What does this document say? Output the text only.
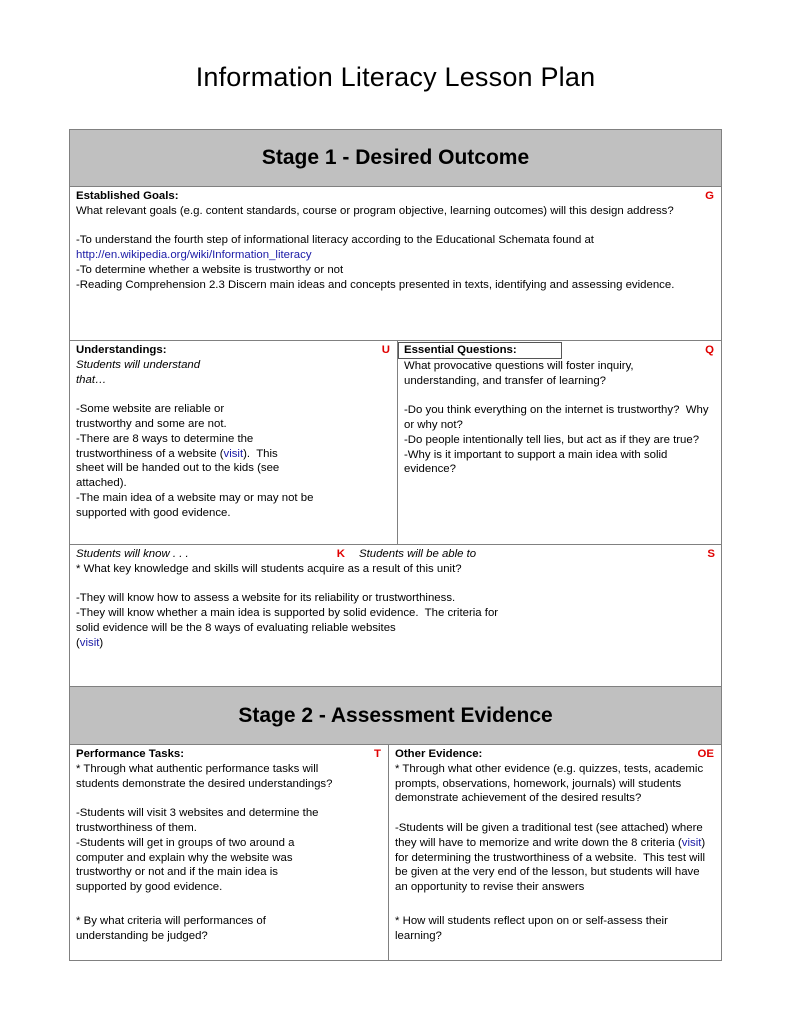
Information Literacy Lesson Plan
Stage 1 - Desired Outcome
G
Established Goals:
What relevant goals (e.g. content standards, course or program objective, learning outcomes) will this design address?
-To understand the fourth step of informational literacy according to the Educational Schemata found at
http://en.wikipedia.org/wiki/Information_literacy
-To determine whether a website is trustworthy or not
-Reading Comprehension 2.3 Discern main ideas and concepts presented in texts, identifying and assessing evidence.
U
Understandings:
Students will understand that…
-Some website are reliable or trustworthy and some are not.
-There are 8 ways to determine the trustworthiness of a website (visit).  This sheet will be handed out to the kids (see attached).
-The main idea of a website may or may not be supported with good evidence.
Q
Essential Questions:
What provocative questions will foster inquiry, understanding, and transfer of learning?
-Do you think everything on the internet is trustworthy?  Why or why not?
-Do people intentionally tell lies, but act as if they are true?
-Why is it important to support a main idea with solid evidence?
Students will know . . .	K Students will be able to	S
* What key knowledge and skills will students acquire as a result of this unit?
-They will know how to assess a website for its reliability or trustworthiness.
-They will know whether a main idea is supported by solid evidence.  The criteria for solid evidence will be the 8 ways of evaluating reliable websites
(visit)
Stage 2 - Assessment Evidence
T
Performance Tasks:
* Through what authentic performance tasks will students demonstrate the desired understandings?
-Students will visit 3 websites and determine the trustworthiness of them.
-Students will get in groups of two around a computer and explain why the website was trustworthy or not and if the main idea is supported by good evidence.
* By what criteria will performances of understanding be judged?
OE
Other Evidence:
* Through what other evidence (e.g. quizzes, tests, academic prompts, observations, homework, journals) will students demonstrate achievement of the desired results?
-Students will be given a traditional test (see attached) where they will have to memorize and write down the 8 criteria (visit) for determining the trustworthiness of a website.  This test will be given at the very end of the lesson, but students will have an opportunity to revise their answers
* How will students reflect upon on or self-assess their learning?
